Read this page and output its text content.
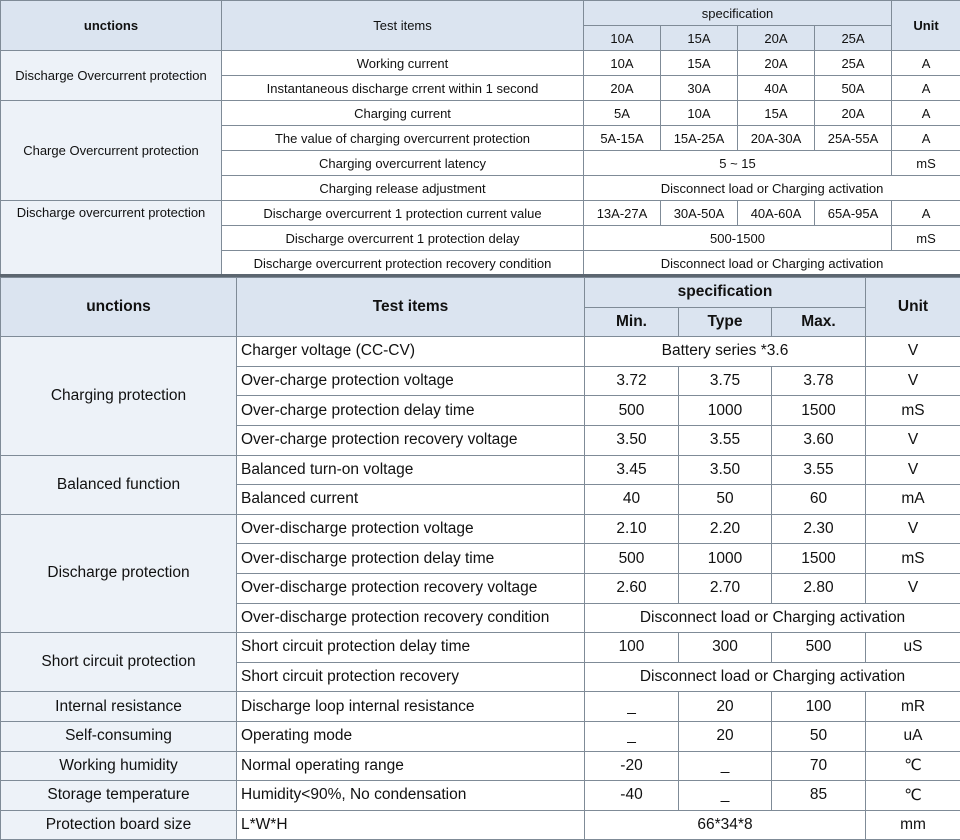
unctions	Test items	specification				Unit
		10A	15A	20A	25A	
Discharge Overcurrent protection	Working current	10A	15A	20A	25A	A
	Instantaneous discharge crrent within 1 second	20A	30A	40A	50A	A
Charge Overcurrent protection	Charging current	5A	10A	15A	20A	A
	The value of charging overcurrent protection	5A-15A	15A-25A	20A-30A	25A-55A	A
	Charging overcurrent latency	5 ~ 15				mS
	Charging release adjustment	Disconnect load or Charging activation				
Discharge overcurrent protection	Discharge overcurrent 1 protection current value	13A-27A	30A-50A	40A-60A	65A-95A	A
	Discharge overcurrent 1 protection delay	500-1500				mS
	Discharge overcurrent protection recovery condition	Disconnect load or Charging activation				
unctions	Test items	specification			Unit
		Min.	Type	Max.	
Charging protection	Charger voltage (CC-CV)	Battery series *3.6			V
	Over-charge protection voltage	3.72	3.75	3.78	V
	Over-charge protection delay time	500	1000	1500	mS
	Over-charge protection recovery voltage	3.50	3.55	3.60	V
Balanced function	Balanced turn-on voltage	3.45	3.50	3.55	V
	Balanced current	40	50	60	mA
Discharge protection	Over-discharge protection voltage	2.10	2.20	2.30	V
	Over-discharge protection delay time	500	1000	1500	mS
	Over-discharge protection recovery voltage	2.60	2.70	2.80	V
	Over-discharge protection recovery condition	Disconnect load or Charging activation			
Short circuit protection	Short circuit protection delay time	100	300	500	uS
	Short circuit protection recovery	Disconnect load or Charging activation			
Internal resistance	Discharge loop internal resistance	_	20	100	mR
Self-consuming	Operating mode	_	20	50	uA
Working humidity	Normal operating range	-20	_	70	℃
Storage temperature	Humidity<90%, No condensation	-40	_	85	℃
Protection board size	L*W*H	66*34*8			mm
